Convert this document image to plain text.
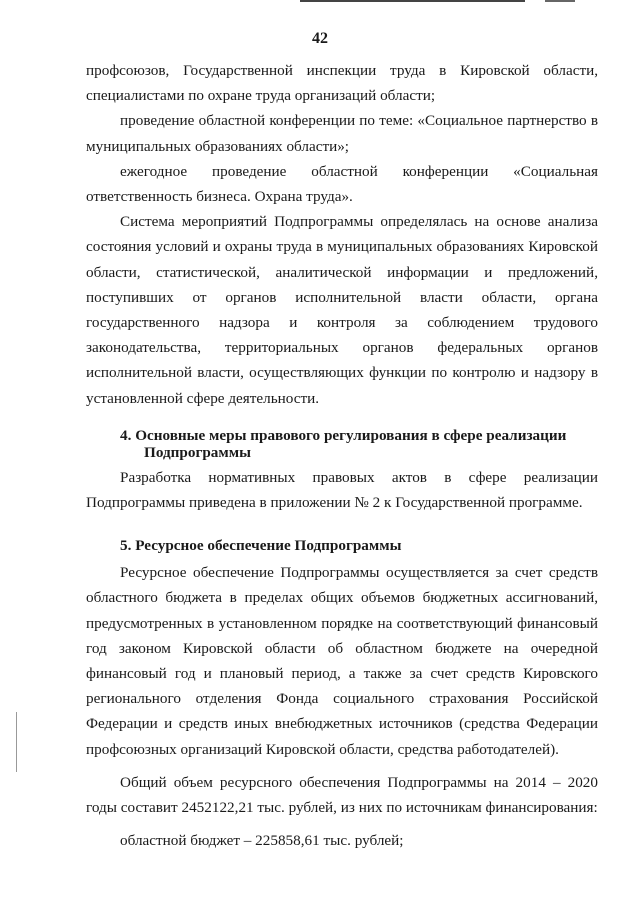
42

профсоюзов, Государственной инспекции труда в Кировской области, специалистами по охране труда организаций области;

проведение областной конференции по теме: «Социальное партнерство в муниципальных образованиях области»;

ежегодное проведение областной конференции «Социальная ответственность бизнеса. Охрана труда».

Система мероприятий Подпрограммы определялась на основе анализа состояния условий и охраны труда в муниципальных образованиях Кировской области, статистической, аналитической информации и предложений, поступивших от органов исполнительной власти области, органа государственного надзора и контроля за соблюдением трудового законодательства, территориальных органов федеральных органов исполнительной власти, осуществляющих функции по контролю и надзору в установленной сфере деятельности.

4. Основные меры правового регулирования в сфере реализации
Подпрограммы

Разработка нормативных правовых актов в сфере реализации Подпрограммы приведена в приложении № 2 к Государственной программе.

5. Ресурсное обеспечение Подпрограммы

Ресурсное обеспечение Подпрограммы осуществляется за счет средств областного бюджета в пределах общих объемов бюджетных ассигнований, предусмотренных в установленном порядке на соответствующий финансовый год законом Кировской области об областном бюджете на очередной финансовый год и плановый период, а также за счет средств Кировского регионального отделения Фонда социального страхования Российской Федерации и средств иных внебюджетных источников (средства Федерации профсоюзных организаций Кировской области, средства работодателей).

Общий объем ресурсного обеспечения Подпрограммы на 2014 – 2020 годы составит 2452122,21 тыс. рублей, из них по источникам финансирования:

областной бюджет – 225858,61 тыс. рублей;
